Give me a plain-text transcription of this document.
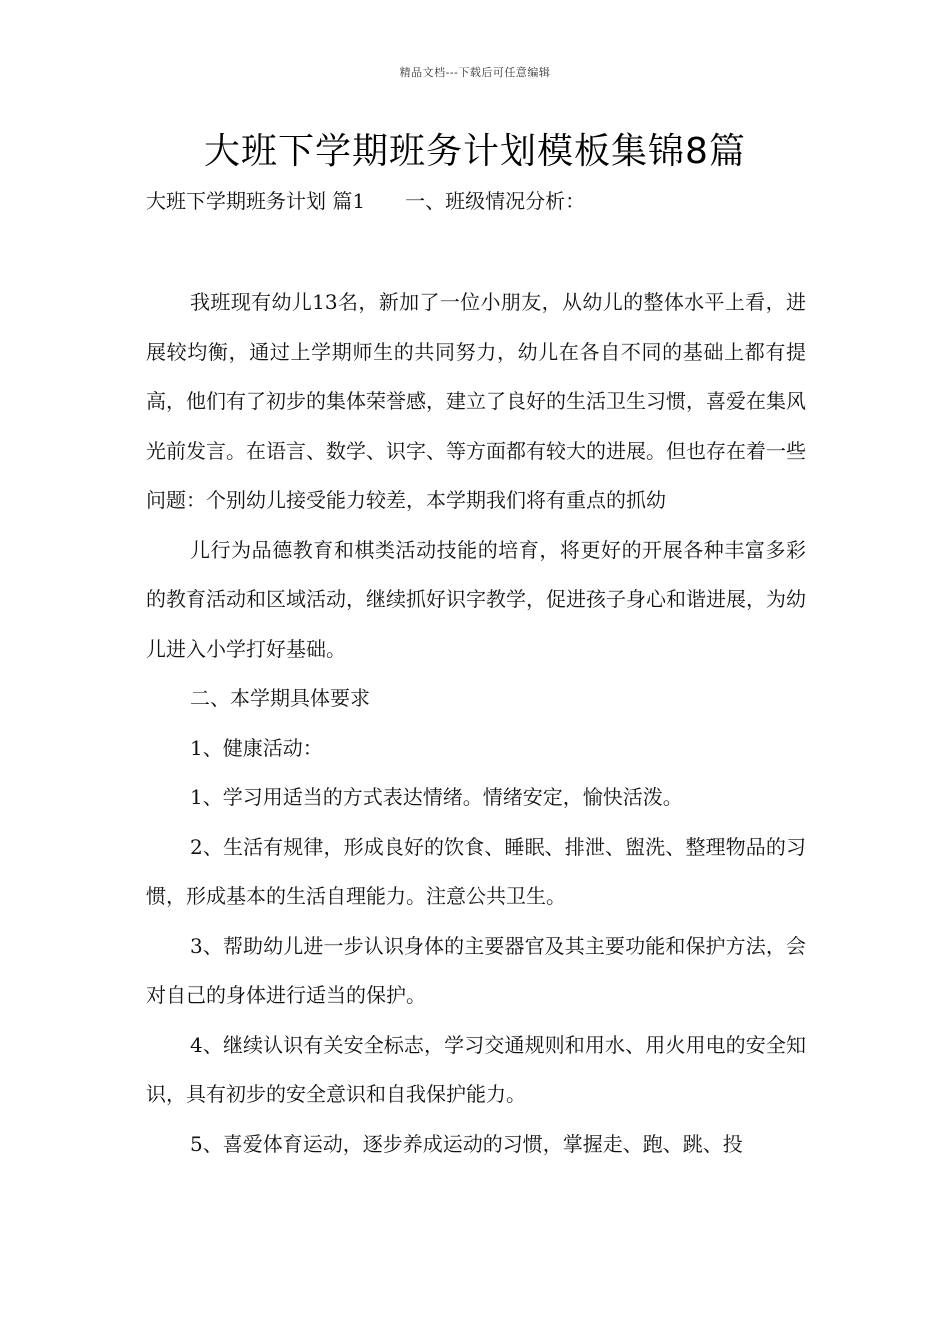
精品文档---下载后可任意编辑
大班下学期班务计划模板集锦8篇
大班下学期班务计划 篇1 一、班级情况分析：

我班现有幼儿13名，新加了一位小朋友，从幼儿的整体水平上看，进展较均衡，通过上学期师生的共同努力，幼儿在各自不同的基础上都有提高，他们有了初步的集体荣誉感，建立了良好的生活卫生习惯，喜爱在集风光前发言。在语言、数学、识字、等方面都有较大的进展。但也存在着一些问题：个别幼儿接受能力较差，本学期我们将有重点的抓幼

儿行为品德教育和棋类活动技能的培育，将更好的开展各种丰富多彩的教育活动和区域活动，继续抓好识字教学，促进孩子身心和谐进展，为幼儿进入小学打好基础。

二、本学期具体要求

1、健康活动：

1、学习用适当的方式表达情绪。情绪安定，愉快活泼。

2、生活有规律，形成良好的饮食、睡眠、排泄、盥洗、整理物品的习惯，形成基本的生活自理能力。注意公共卫生。

3、帮助幼儿进一步认识身体的主要器官及其主要功能和保护方法，会对自己的身体进行适当的保护。

4、继续认识有关安全标志，学习交通规则和用水、用火用电的安全知识，具有初步的安全意识和自我保护能力。

5、喜爱体育运动，逐步养成运动的习惯，掌握走、跑、跳、投
